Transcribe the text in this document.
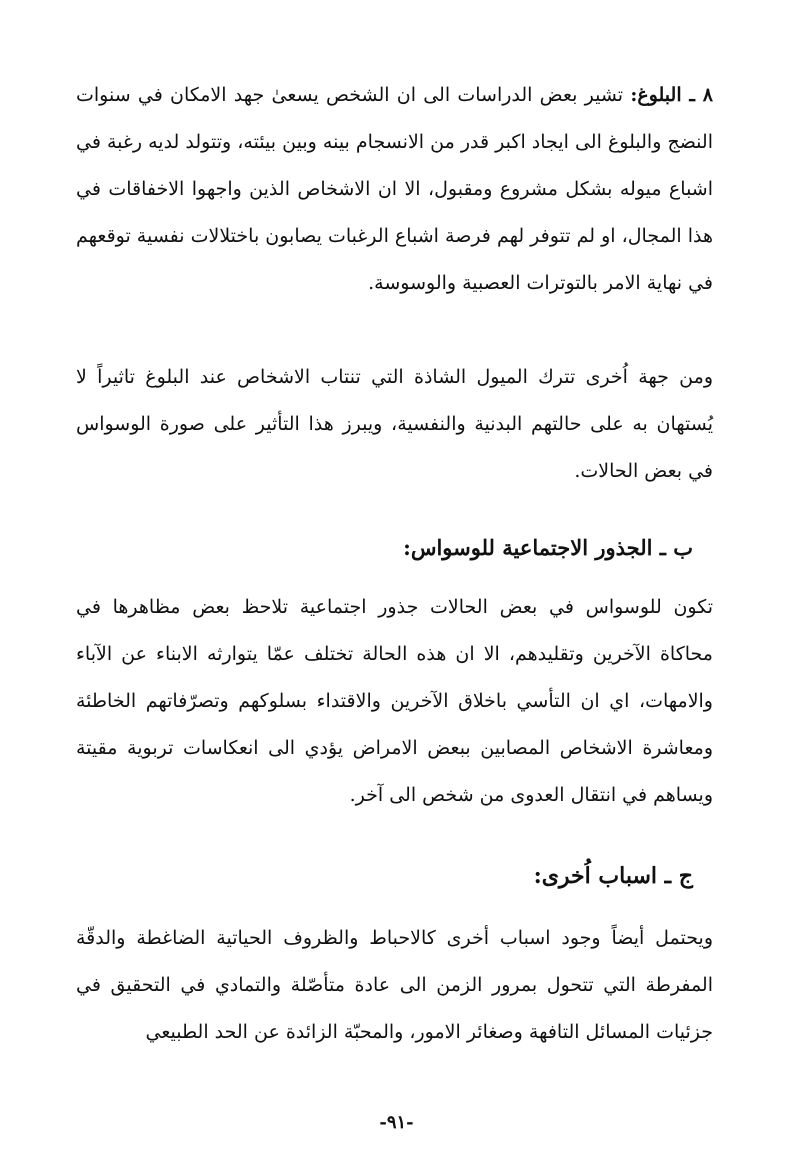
٨ ـ البلوغ: تشير بعض الدراسات الى ان الشخص يسعىٰ جهد الامكان في سنوات النضج والبلوغ الى ايجاد اكبر قدر من الانسجام بينه وبين بيئته، وتتولد لديه رغبة في اشباع ميوله بشكل مشروع ومقبول، الا ان الاشخاص الذين واجهوا الاخفاقات في هذا المجال، او لم تتوفر لهم فرصة اشباع الرغبات يصابون باختلالات نفسية توقعهم في نهاية الامر بالتوترات العصبية والوسوسة.

ومن جهة اُخرى تترك الميول الشاذة التي تنتاب الاشخاص عند البلوغ تاثيراً لا يُستهان به على حالتهم البدنية والنفسية، ويبرز هذا التأثير على صورة الوسواس في بعض الحالات.

ب ـ الجذور الاجتماعية للوسواس:

تكون للوسواس في بعض الحالات جذور اجتماعية تلاحظ بعض مظاهرها في محاكاة الآخرين وتقليدهم، الا ان هذه الحالة تختلف عمّا يتوارثه الابناء عن الآباء والامهات، اي ان التأسي باخلاق الآخرين والاقتداء بسلوكهم وتصرّفاتهم الخاطئة ومعاشرة الاشخاص المصابين ببعض الامراض يؤدي الى انعكاسات تربوية مقيتة ويساهم في انتقال العدوى من شخص الى آخر.

ج ـ اسباب اُخرى:

ويحتمل أيضاً وجود اسباب أخرى كالاحباط والظروف الحياتية الضاغطة والدقّة المفرطة التي تتحول بمرور الزمن الى عادة متأصّلة والتمادي في التحقيق في جزئيات المسائل التافهة وصغائر الامور، والمحبّة الزائدة عن الحد الطبيعي

-٩١-
